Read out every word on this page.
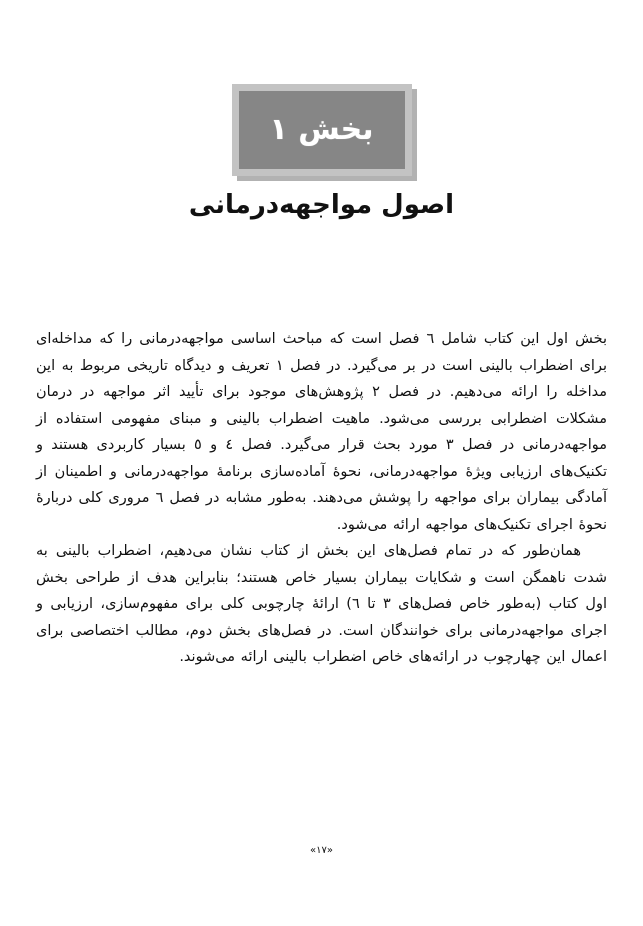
بخش ۱
اصول مواجهه‌درمانی

بخش اول این کتاب شامل ٦ فصل است که مباحث اساسی مواجهه‌درمانی را که مداخله‌ای برای اضطراب بالینی است در بر می‌گیرد. در فصل ۱ تعریف و دیدگاه تاریخی مربوط به این مداخله را ارائه می‌دهیم. در فصل ۲ پژوهش‌های موجود برای تأیید اثر مواجهه در درمان مشکلات اضطرابی بررسی می‌شود. ماهیت اضطراب بالینی و مبنای مفهومی استفاده از مواجهه‌درمانی در فصل ۳ مورد بحث قرار می‌گیرد. فصل ٤ و ٥ بسیار کاربردی هستند و تکنیک‌های ارزیابی ویژهٔ مواجهه‌درمانی، نحوهٔ آماده‌سازی برنامهٔ مواجهه‌درمانی و اطمینان از آمادگی بیماران برای مواجهه را پوشش می‌دهند. به‌طور مشابه در فصل ٦ مروری کلی دربارهٔ نحوهٔ اجرای تکنیک‌های مواجهه ارائه می‌شود.

همان‌طور که در تمام فصل‌های این بخش از کتاب نشان می‌دهیم، اضطراب بالینی به شدت ناهمگن است و شکایات بیماران بسیار خاص هستند؛ بنابراین هدف از طراحی بخش اول کتاب (به‌طور خاص فصل‌های ۳ تا ٦) ارائهٔ چارچوبی کلی برای مفهوم‌سازی، ارزیابی و اجرای مواجهه‌درمانی برای خوانندگان است. در فصل‌های بخش دوم، مطالب اختصاصی برای اعمال این چهارچوب در ارائه‌های خاص اضطراب بالینی ارائه می‌شوند.

«۱۷»
